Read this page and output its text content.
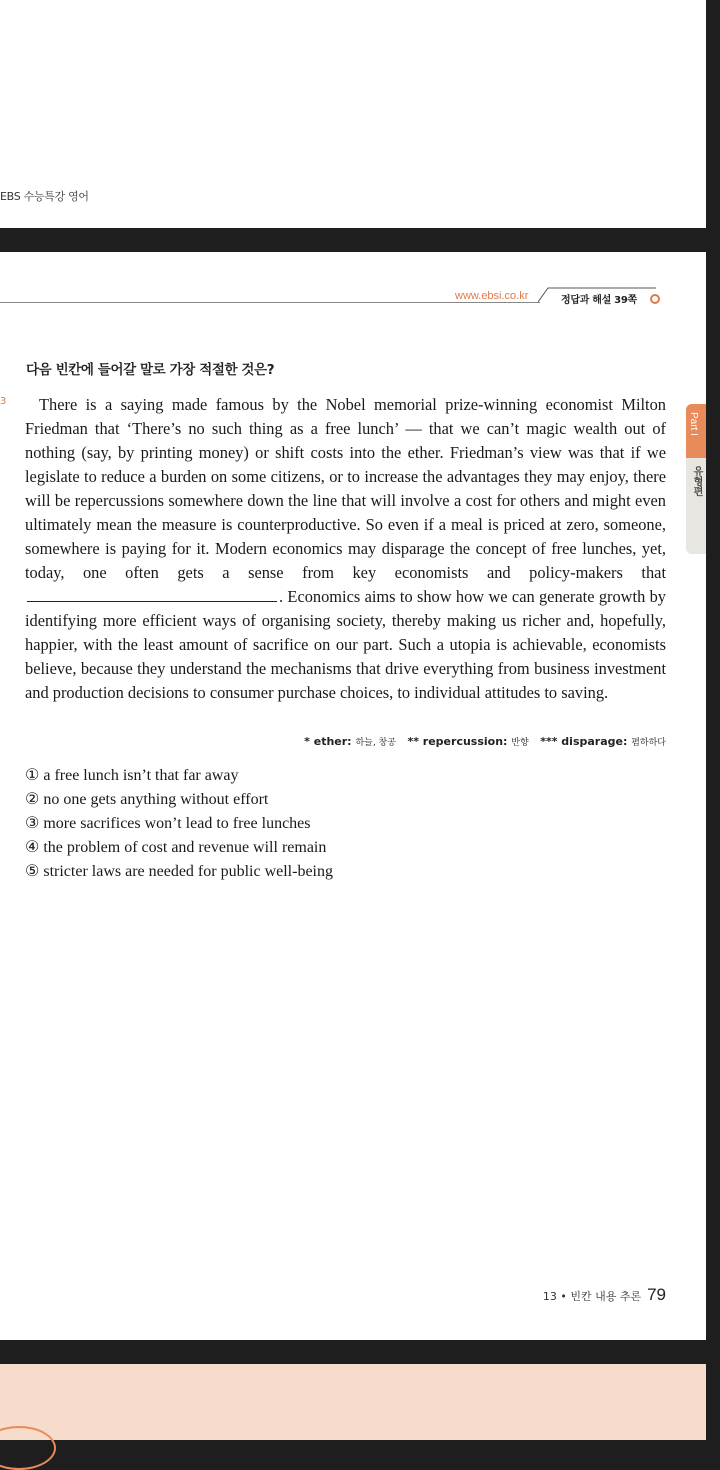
EBS 수능특강 영어
www.ebsi.co.kr	정답과 해설 39쪽
Part I
유형편
3
다음 빈칸에 들어갈 말로 가장 적절한 것은?

There is a saying made famous by the Nobel memorial prize-winning economist Milton Friedman that ‘There’s no such thing as a free lunch’ — that we can’t magic wealth out of nothing (say, by printing money) or shift costs into the ether. Friedman’s view was that if we legislate to reduce a burden on some citizens, or to increase the advantages they may enjoy, there will be repercussions somewhere down the line that will involve a cost for others and might even ultimately mean the measure is counterproductive. So even if a meal is priced at zero, someone, somewhere is paying for it. Modern economics may disparage the concept of free lunches, yet, today, one often gets a sense from key economists and policy-makers that . Economics aims to show how we can generate growth by identifying more efficient ways of organising society, thereby making us richer and, hopefully, happier, with the least amount of sacrifice on our part. Such a utopia is achievable, economists believe, because they understand the mechanisms that drive everything from business investment and production decisions to consumer purchase choices, to individual attitudes to saving.

* ether: 하늘, 창공 ** repercussion: 반향 *** disparage: 폄하하다
① a free lunch isn’t that far away
② no one gets anything without effort
③ more sacrifices won’t lead to free lunches
④ the problem of cost and revenue will remain
⑤ stricter laws are needed for public well-being
13 • 빈칸 내용 추론 79
